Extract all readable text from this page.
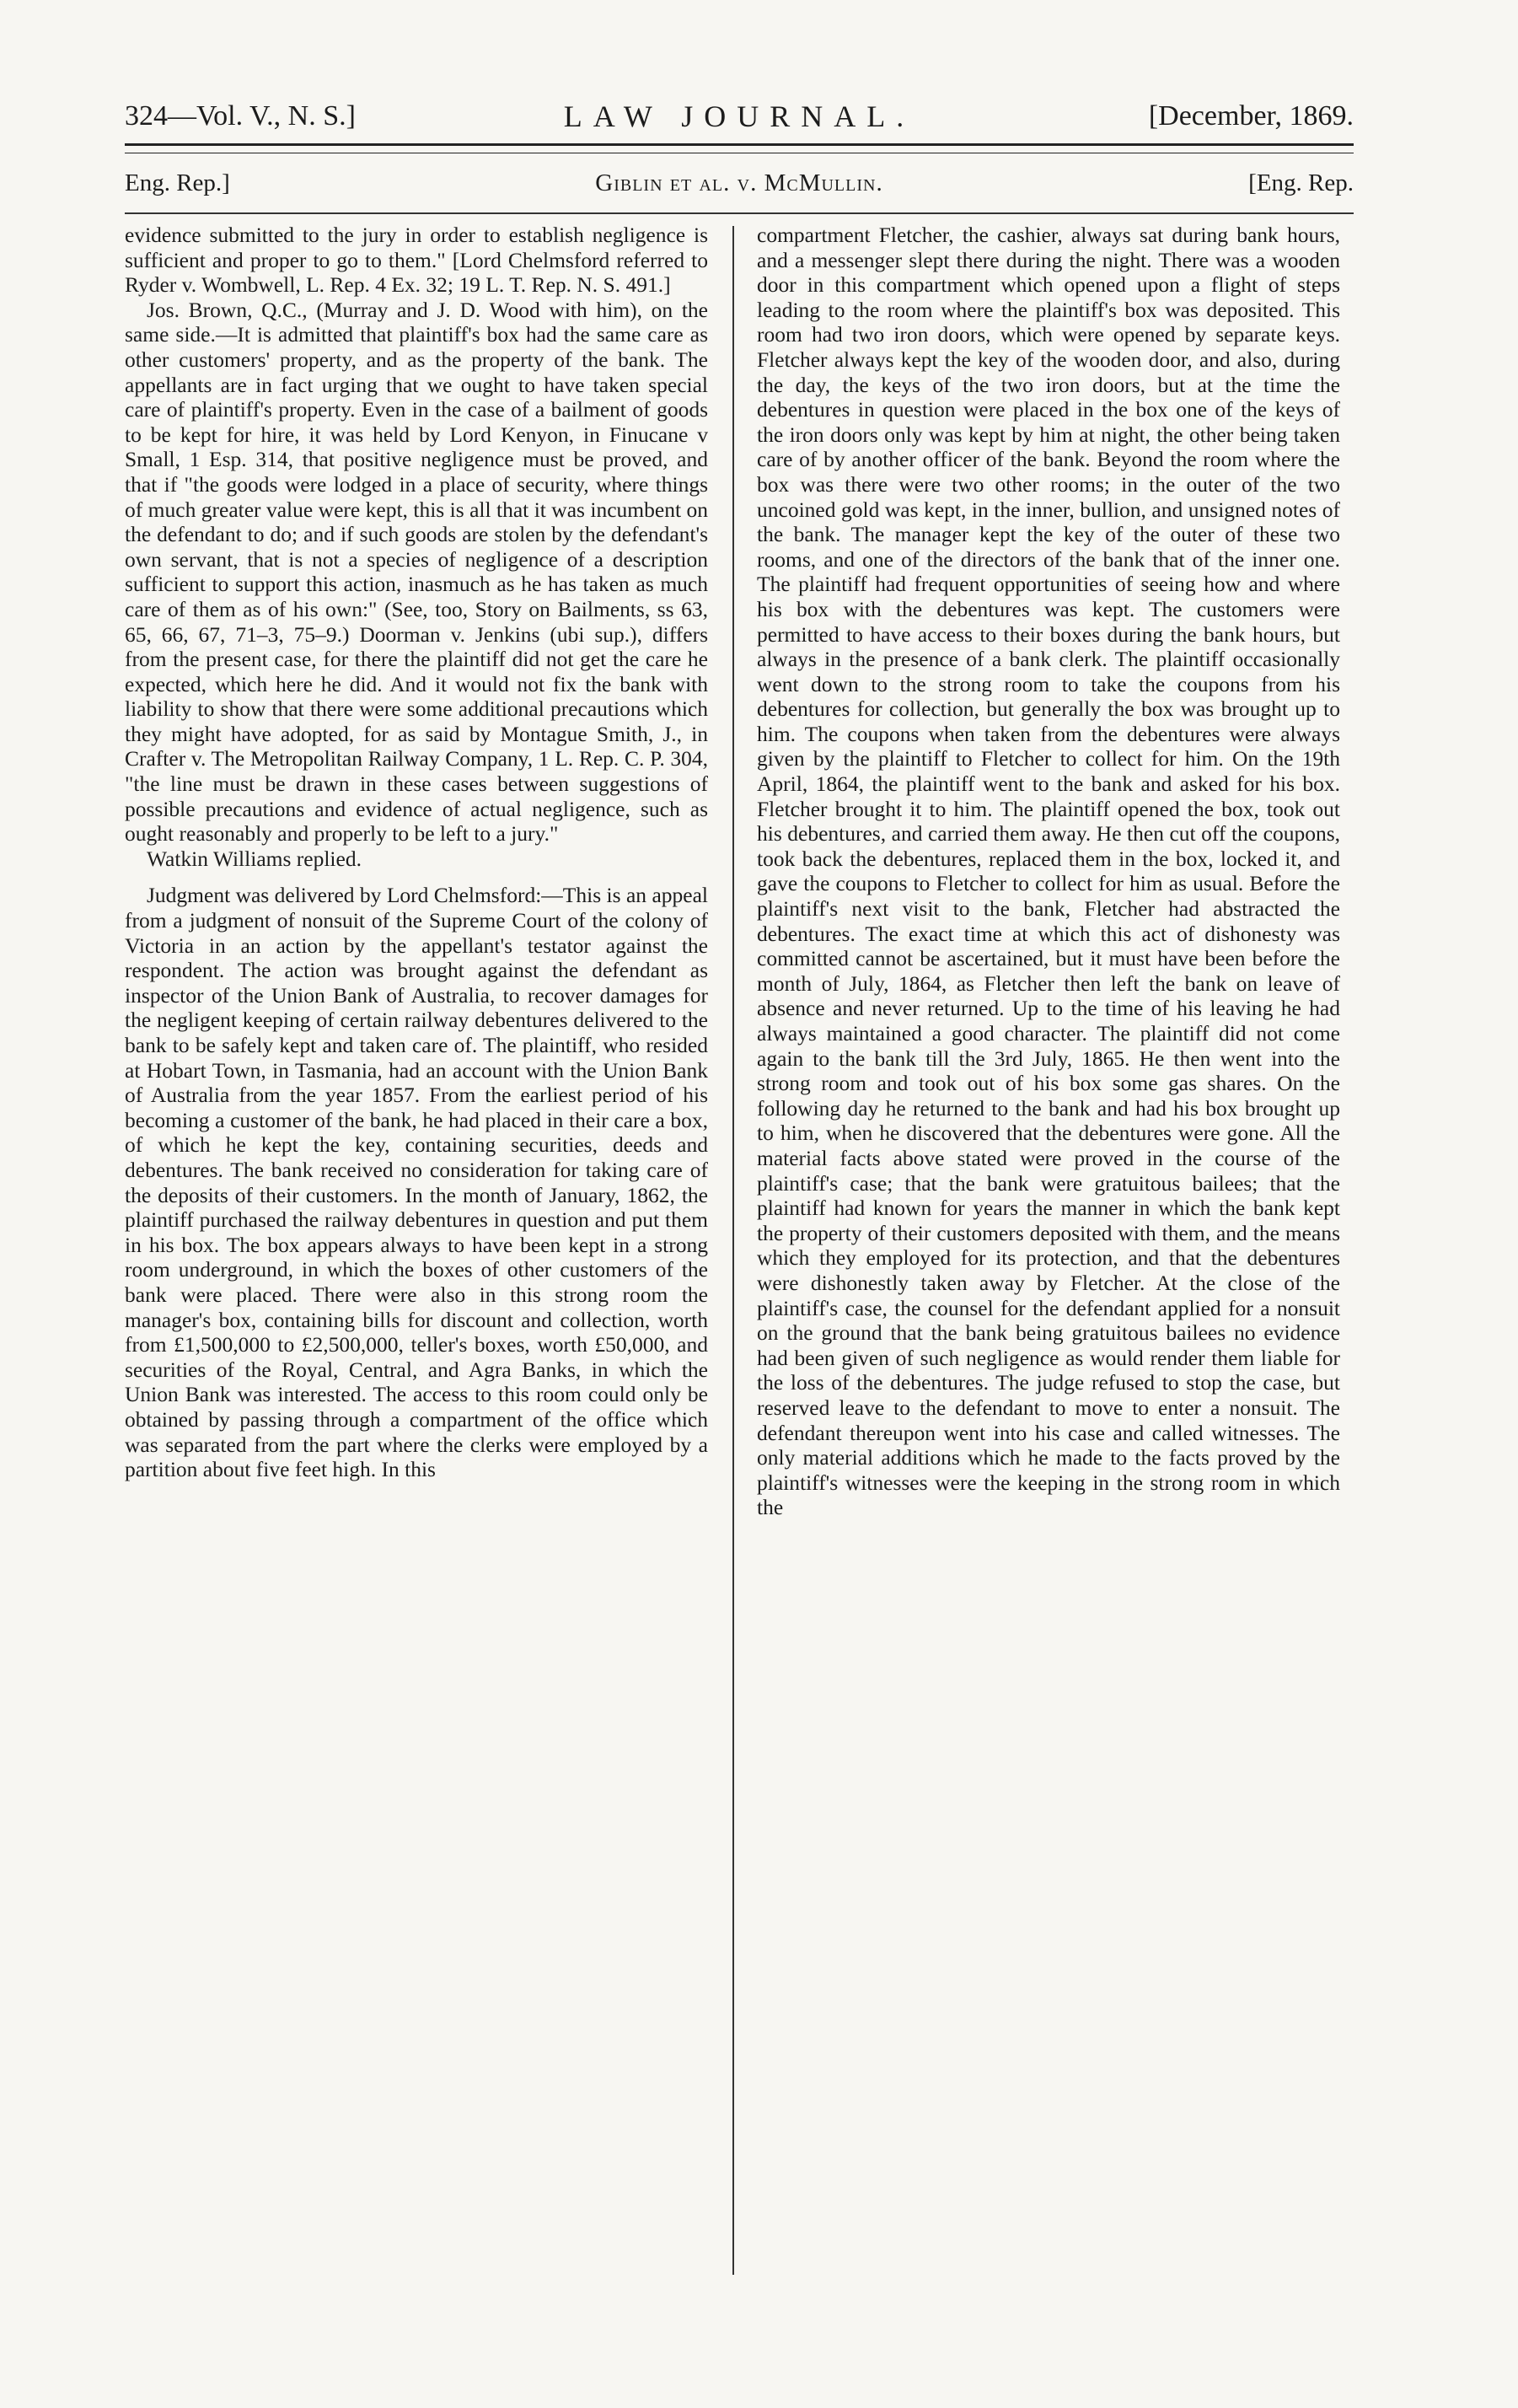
324—Vol. V., N. S.]	LAW JOURNAL.	[December, 1869.
Eng. Rep.]	Giblin et al. v. McMullin.	[Eng. Rep.

evidence submitted to the jury in order to establish negligence is sufficient and proper to go to them." [Lord Chelmsford referred to Ryder v. Wombwell, L. Rep. 4 Ex. 32; 19 L. T. Rep. N. S. 491.]

Jos. Brown, Q.C., (Murray and J. D. Wood with him), on the same side.—It is admitted that plaintiff's box had the same care as other customers' property, and as the property of the bank. The appellants are in fact urging that we ought to have taken special care of plaintiff's property. Even in the case of a bailment of goods to be kept for hire, it was held by Lord Kenyon, in Finucane v Small, 1 Esp. 314, that positive negligence must be proved, and that if "the goods were lodged in a place of security, where things of much greater value were kept, this is all that it was incumbent on the defendant to do; and if such goods are stolen by the defendant's own servant, that is not a species of negligence of a description sufficient to support this action, inasmuch as he has taken as much care of them as of his own:" (See, too, Story on Bailments, ss 63, 65, 66, 67, 71–3, 75–9.) Doorman v. Jenkins (ubi sup.), differs from the present case, for there the plaintiff did not get the care he expected, which here he did. And it would not fix the bank with liability to show that there were some additional precautions which they might have adopted, for as said by Montague Smith, J., in Crafter v. The Metropolitan Railway Company, 1 L. Rep. C. P. 304, "the line must be drawn in these cases between suggestions of possible precautions and evidence of actual negligence, such as ought reasonably and properly to be left to a jury."

Watkin Williams replied.

Judgment was delivered by Lord Chelmsford:—This is an appeal from a judgment of nonsuit of the Supreme Court of the colony of Victoria in an action by the appellant's testator against the respondent. The action was brought against the defendant as inspector of the Union Bank of Australia, to recover damages for the negligent keeping of certain railway debentures delivered to the bank to be safely kept and taken care of. The plaintiff, who resided at Hobart Town, in Tasmania, had an account with the Union Bank of Australia from the year 1857. From the earliest period of his becoming a customer of the bank, he had placed in their care a box, of which he kept the key, containing securities, deeds and debentures. The bank received no consideration for taking care of the deposits of their customers. In the month of January, 1862, the plaintiff purchased the railway debentures in question and put them in his box. The box appears always to have been kept in a strong room underground, in which the boxes of other customers of the bank were placed. There were also in this strong room the manager's box, containing bills for discount and collection, worth from £1,500,000 to £2,500,000, teller's boxes, worth £50,000, and securities of the Royal, Central, and Agra Banks, in which the Union Bank was interested. The access to this room could only be obtained by passing through a compartment of the office which was separated from the part where the clerks were employed by a partition about five feet high. In this

compartment Fletcher, the cashier, always sat during bank hours, and a messenger slept there during the night. There was a wooden door in this compartment which opened upon a flight of steps leading to the room where the plaintiff's box was deposited. This room had two iron doors, which were opened by separate keys. Fletcher always kept the key of the wooden door, and also, during the day, the keys of the two iron doors, but at the time the debentures in question were placed in the box one of the keys of the iron doors only was kept by him at night, the other being taken care of by another officer of the bank. Beyond the room where the box was there were two other rooms; in the outer of the two uncoined gold was kept, in the inner, bullion, and unsigned notes of the bank. The manager kept the key of the outer of these two rooms, and one of the directors of the bank that of the inner one. The plaintiff had frequent opportunities of seeing how and where his box with the debentures was kept. The customers were permitted to have access to their boxes during the bank hours, but always in the presence of a bank clerk. The plaintiff occasionally went down to the strong room to take the coupons from his debentures for collection, but generally the box was brought up to him. The coupons when taken from the debentures were always given by the plaintiff to Fletcher to collect for him. On the 19th April, 1864, the plaintiff went to the bank and asked for his box. Fletcher brought it to him. The plaintiff opened the box, took out his debentures, and carried them away. He then cut off the coupons, took back the debentures, replaced them in the box, locked it, and gave the coupons to Fletcher to collect for him as usual. Before the plaintiff's next visit to the bank, Fletcher had abstracted the debentures. The exact time at which this act of dishonesty was committed cannot be ascertained, but it must have been before the month of July, 1864, as Fletcher then left the bank on leave of absence and never returned. Up to the time of his leaving he had always maintained a good character. The plaintiff did not come again to the bank till the 3rd July, 1865. He then went into the strong room and took out of his box some gas shares. On the following day he returned to the bank and had his box brought up to him, when he discovered that the debentures were gone. All the material facts above stated were proved in the course of the plaintiff's case; that the bank were gratuitous bailees; that the plaintiff had known for years the manner in which the bank kept the property of their customers deposited with them, and the means which they employed for its protection, and that the debentures were dishonestly taken away by Fletcher. At the close of the plaintiff's case, the counsel for the defendant applied for a nonsuit on the ground that the bank being gratuitous bailees no evidence had been given of such negligence as would render them liable for the loss of the debentures. The judge refused to stop the case, but reserved leave to the defendant to move to enter a nonsuit. The defendant thereupon went into his case and called witnesses. The only material additions which he made to the facts proved by the plaintiff's witnesses were the keeping in the strong room in which the
